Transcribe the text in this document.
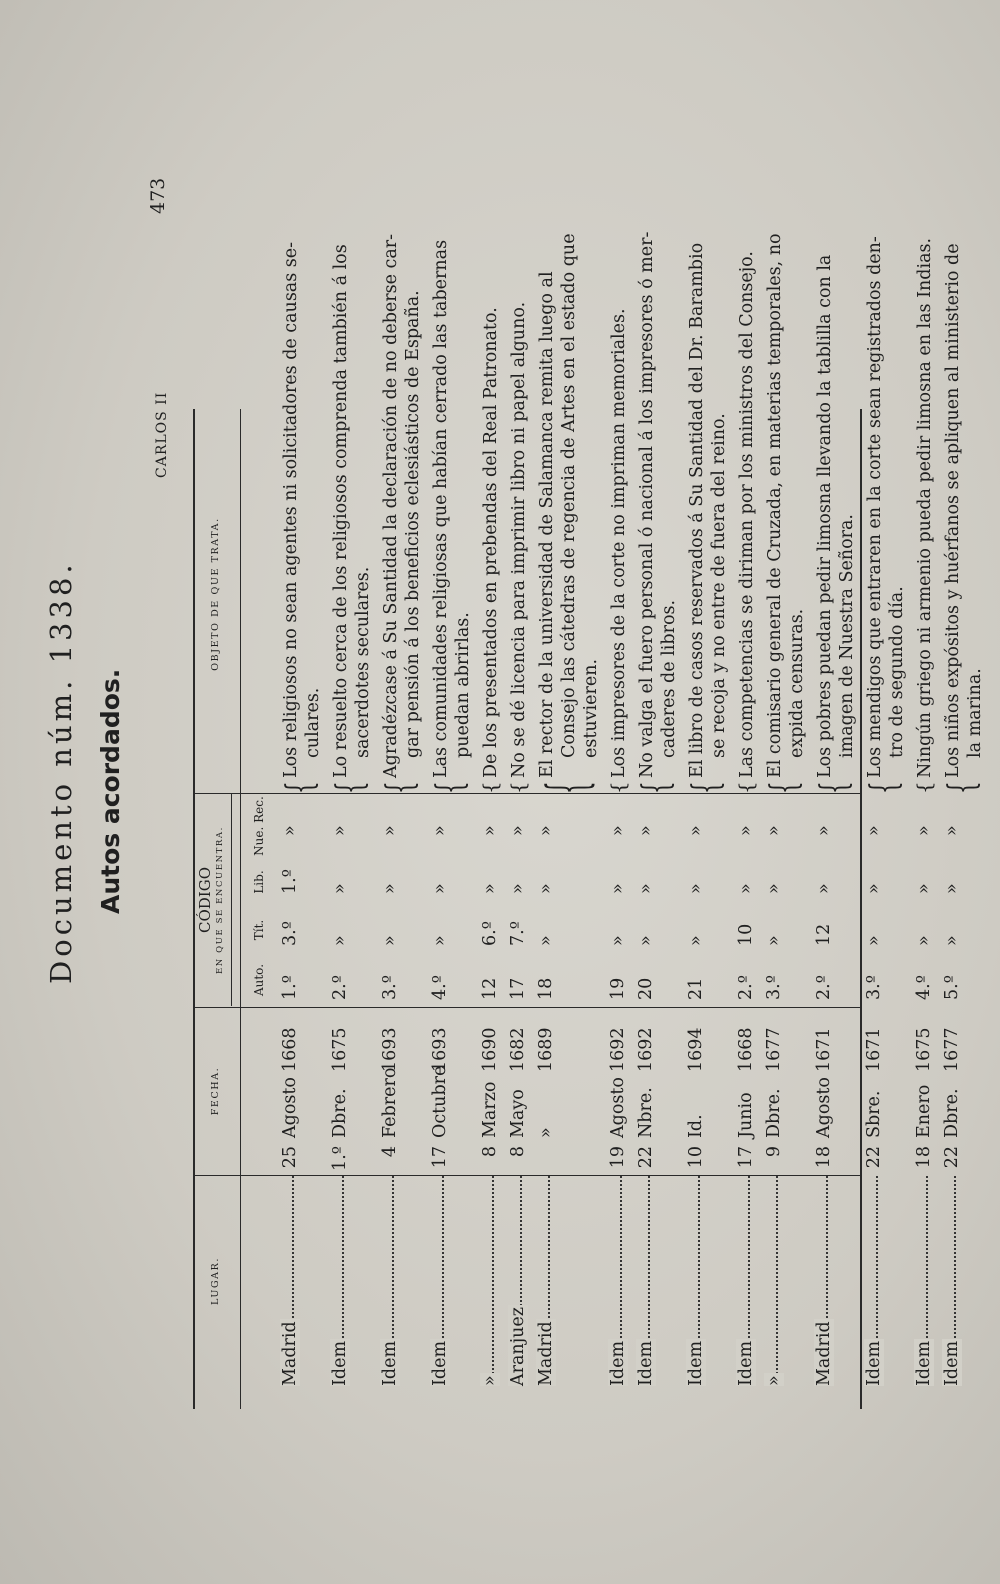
Documento núm. 1338. Autos acordados.
CARLOS II
473
LUGAR.
FECHA.
CÓDIGO EN QUE SE ENCUENTRA.
Auto.
Tít.
Lib.
Nue. Rec.
OBJETO DE QUE TRATA.
Madrid
25
Agosto
1668
1.º
3.º
1.º
»
{
Los religiosos no sean agentes ni solicitadores de causas se- culares.
Idem
1.º
Dbre.
1675
2.º
»
»
»
{
Lo resuelto cerca de los religiosos comprenda también á los sacerdotes seculares.
Idem
4
Febrero
1693
3.º
»
»
»
{
Agradézcase á Su Santidad la declaración de no deberse car- gar pensión á los beneficios eclesiásticos de España.
Idem
17
Octubre
1693
4.º
»
»
»
{
Las comunidades religiosas que habían cerrado las tabernas puedan abrirlas.
»
8
Marzo
1690
12
6.º
»
»
{
De los presentados en prebendas del Real Patronato.
Aranjuez
8
Mayo
1682
17
7.º
»
»
{
No se dé licencia para imprimir libro ni papel alguno.
Madrid
»
1689
18
»
»
»
{
El rector de la universidad de Salamanca remita luego al Consejo las cátedras de regencia de Artes en el estado que estuvieren.
Idem
19
Agosto
1692
19
»
»
»
{
Los impresores de la corte no impriman memoriales.
Idem
22
Nbre.
1692
20
»
»
»
{
No valga el fuero personal ó nacional á los impresores ó mer- caderes de libros.
Idem
10
Id.
1694
21
»
»
»
{
El libro de casos reservados á Su Santidad del Dr. Barambio se recoja y no entre de fuera del reino.
Idem
17
Junio
1668
2.º
10
»
»
{
Las competencias se diriman por los ministros del Consejo.
»
9
Dbre.
1677
3.º
»
»
»
{
El comisario general de Cruzada, en materias temporales, no expida censuras.
Madrid
18
Agosto
1671
2.º
12
»
»
{
Los pobres puedan pedir limosna llevando la tablilla con la imagen de Nuestra Señora.
Idem
22
Sbre.
1671
3.º
»
»
»
{
Los mendigos que entraren en la corte sean registrados den- tro de segundo día.
Idem
18
Enero
1675
4.º
»
»
»
{
Ningún griego ni armenio pueda pedir limosna en las Indias.
Idem
22
Dbre.
1677
5.º
»
»
»
{
Los niños expósitos y huérfanos se apliquen al ministerio de la marina.
